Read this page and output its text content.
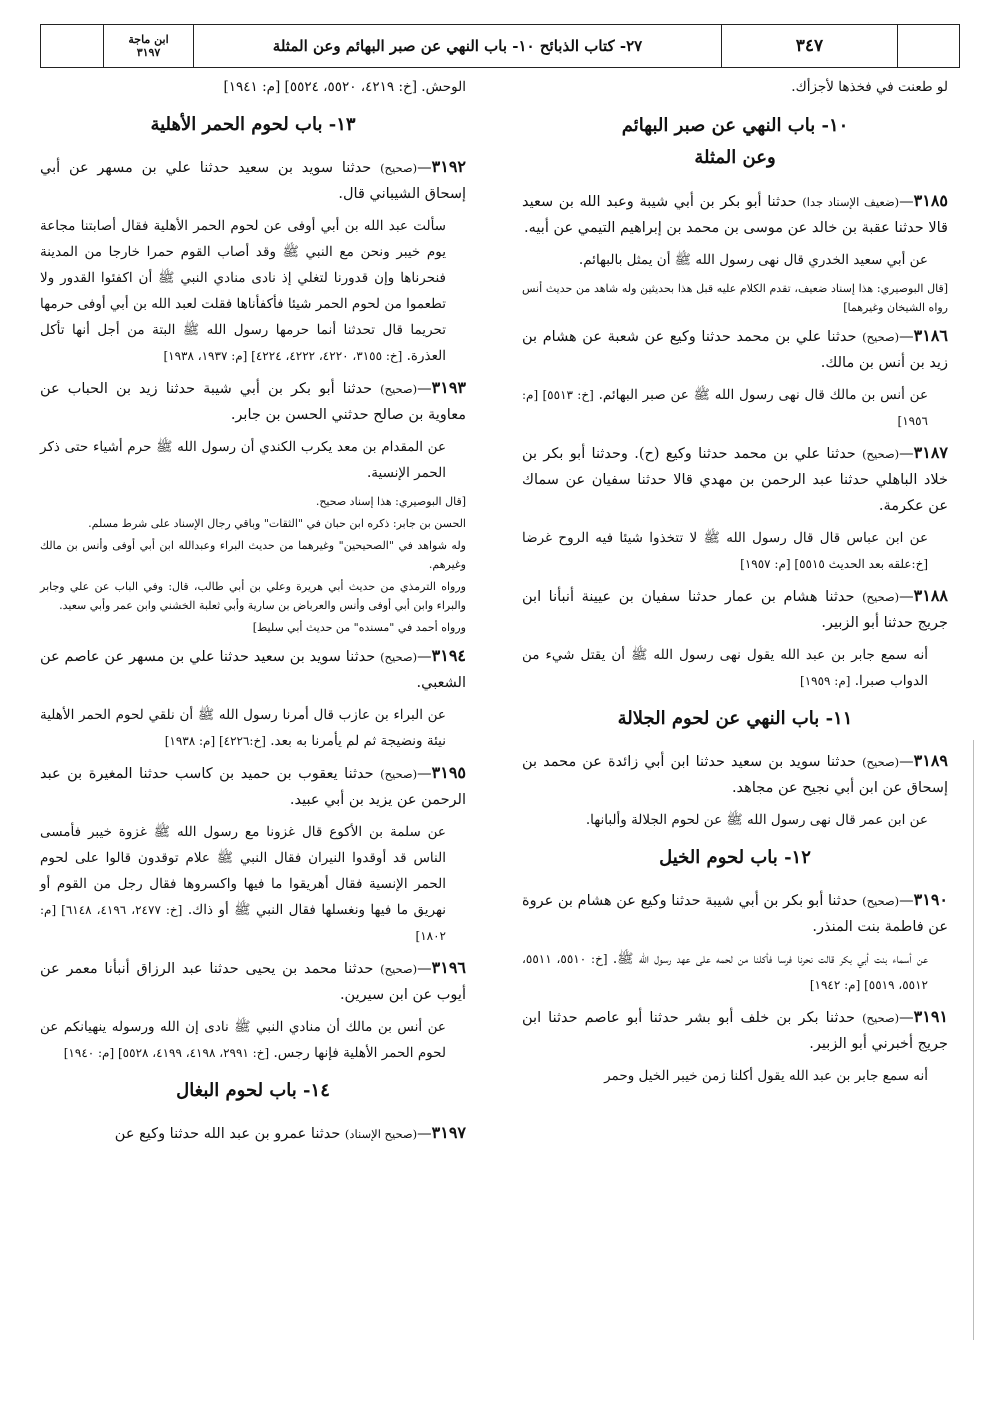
٣٤٧
٢٧- كتاب الذبائح ١٠- باب النهي عن صبر البهائم وعن المثلة
ابن ماجة
٣١٩٧

لو طعنت في فخذها لأجزأك.

١٠- باب النهي عن صبر البهائم
وعن المثلة

٣١٨٥—(ضعيف الإسناد جدا) حدثنا أبو بكر بن أبي شيبة وعبد الله بن سعيد قالا حدثنا عقبة بن خالد عن موسى بن محمد بن إبراهيم التيمي عن أبيه.

عن أبي سعيد الخدري قال نهى رسول الله ﷺ أن يمثل بالبهائم.

[قال البوصيري: هذا إسناد ضعيف، تقدم الكلام عليه قبل هذا بحديثين وله شاهد من حديث أنس رواه الشيخان وغيرهما]

٣١٨٦—(صحيح) حدثنا علي بن محمد حدثنا وكيع عن شعبة عن هشام بن زيد بن أنس بن مالك.

عن أنس بن مالك قال نهى رسول الله ﷺ عن صبر البهائم. [خ: ٥٥١٣] [م: ١٩٥٦]

٣١٨٧—(صحيح) حدثنا علي بن محمد حدثنا وكيع (ح). وحدثنا أبو بكر بن خلاد الباهلي حدثنا عبد الرحمن بن مهدي قالا حدثنا سفيان عن سماك عن عكرمة.

عن ابن عباس قال قال رسول الله ﷺ لا تتخذوا شيئا فيه الروح غرضا [خ:علقه بعد الحديث ٥٥١٥] [م: ١٩٥٧]

٣١٨٨—(صحيح) حدثنا هشام بن عمار حدثنا سفيان بن عيينة أنبأنا ابن جريج حدثنا أبو الزبير.

أنه سمع جابر بن عبد الله يقول نهى رسول الله ﷺ أن يقتل شيء من الدواب صبرا. [م: ١٩٥٩]

١١- باب النهي عن لحوم الجلالة

٣١٨٩—(صحيح) حدثنا سويد بن سعيد حدثنا ابن أبي زائدة عن محمد بن إسحاق عن ابن أبي نجيح عن مجاهد.

عن ابن عمر قال نهى رسول الله ﷺ عن لحوم الجلالة وألبانها.

١٢- باب لحوم الخيل

٣١٩٠—(صحيح) حدثنا أبو بكر بن أبي شيبة حدثنا وكيع عن هشام بن عروة عن فاطمة بنت المنذر.

عن أسماء بنت أبي بكر قالت نحرنا فرسا فأكلنا من لحمه على عهد رسول الله ﷺ. [خ: ٥٥١٠، ٥٥١١، ٥٥١٢، ٥٥١٩] [م: ١٩٤٢]

٣١٩١—(صحيح) حدثنا بكر بن خلف أبو بشر حدثنا أبو عاصم حدثنا ابن جريج أخبرني أبو الزبير.

أنه سمع جابر بن عبد الله يقول أكلنا زمن خيبر الخيل وحمر

الوحش. [خ: ٤٢١٩، ٥٥٢٠، ٥٥٢٤] [م: ١٩٤١]

١٣- باب لحوم الحمر الأهلية

٣١٩٢—(صحيح) حدثنا سويد بن سعيد حدثنا علي بن مسهر عن أبي إسحاق الشيباني قال.

سألت عبد الله بن أبي أوفى عن لحوم الحمر الأهلية فقال أصابتنا مجاعة يوم خيبر ونحن مع النبي ﷺ وقد أصاب القوم حمرا خارجا من المدينة فنحرناها وإن قدورنا لتغلي إذ نادى منادي النبي ﷺ أن اكفئوا القدور ولا تطعموا من لحوم الحمر شيئا فأكفأناها فقلت لعبد الله بن أبي أوفى حرمها تحريما قال تحدثنا أنما حرمها رسول الله ﷺ البتة من أجل أنها تأكل العذرة. [خ: ٣١٥٥، ٤٢٢٠، ٤٢٢٢، ٤٢٢٤] [م: ١٩٣٧، ١٩٣٨]

٣١٩٣—(صحيح) حدثنا أبو بكر بن أبي شيبة حدثنا زيد بن الحباب عن معاوية بن صالح حدثني الحسن بن جابر.

عن المقدام بن معد يكرب الكندي أن رسول الله ﷺ حرم أشياء حتى ذكر الحمر الإنسية.

[قال البوصيري: هذا إسناد صحيح.

الحسن بن جابر: ذكره ابن حبان في "الثقات" وباقي رجال الإسناد على شرط مسلم.

وله شواهد في "الصحيحين" وغيرهما من حديث البراء وعبدالله ابن أبي أوفى وأنس بن مالك وغيرهم.

ورواه الترمذي من حديث أبي هريرة وعلي بن أبي طالب، قال: وفي الباب عن علي وجابر والبراء وابن أبي أوفى وأنس والعرباض بن سارية وأبي ثعلبة الخشني وابن عمر وأبي سعيد.

ورواه أحمد في "مسنده" من حديث أبي سليط]

٣١٩٤—(صحيح) حدثنا سويد بن سعيد حدثنا علي بن مسهر عن عاصم عن الشعبي.

عن البراء بن عازب قال أمرنا رسول الله ﷺ أن نلقي لحوم الحمر الأهلية نيئة ونضيجة ثم لم يأمرنا به بعد. [خ:٤٢٢٦] [م: ١٩٣٨]

٣١٩٥—(صحيح) حدثنا يعقوب بن حميد بن كاسب حدثنا المغيرة بن عبد الرحمن عن يزيد بن أبي عبيد.

عن سلمة بن الأكوع قال غزونا مع رسول الله ﷺ غزوة خيبر فأمسى الناس قد أوقدوا النيران فقال النبي ﷺ علام توقدون قالوا على لحوم الحمر الإنسية فقال أهريقوا ما فيها واكسروها فقال رجل من القوم أو نهريق ما فيها ونغسلها فقال النبي ﷺ أو ذاك. [خ: ٢٤٧٧، ٤١٩٦، ٦١٤٨] [م: ١٨٠٢]

٣١٩٦—(صحيح) حدثنا محمد بن يحيى حدثنا عبد الرزاق أنبأنا معمر عن أيوب عن ابن سيرين.

عن أنس بن مالك أن منادي النبي ﷺ نادى إن الله ورسوله ينهيانكم عن لحوم الحمر الأهلية فإنها رجس. [خ: ٢٩٩١، ٤١٩٨، ٤١٩٩، ٥٥٢٨] [م: ١٩٤٠]

١٤- باب لحوم البغال

٣١٩٧—(صحيح الإسناد) حدثنا عمرو بن عبد الله حدثنا وكيع عن
